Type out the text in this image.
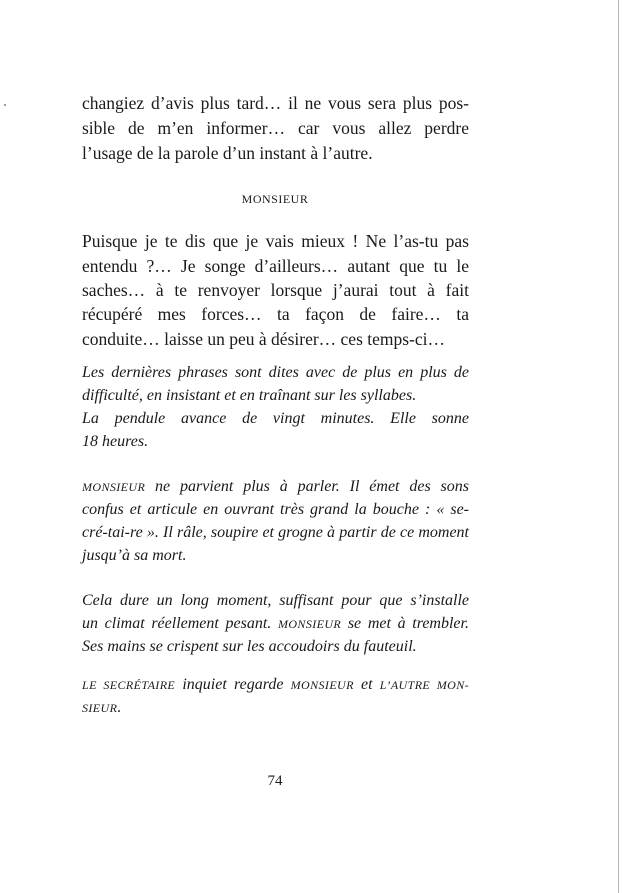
changiez d’avis plus tard… il ne vous sera plus pos-
sible de m’en informer… car vous allez perdre
l’usage de la parole d’un instant à l’autre.
MONSIEUR
Puisque je te dis que je vais mieux ! Ne l’as-tu pas
entendu ?… Je songe d’ailleurs… autant que tu le
saches… à te renvoyer lorsque j’aurai tout à fait
récupéré mes forces… ta façon de faire… ta
conduite… laisse un peu à désirer… ces temps-ci…
Les dernières phrases sont dites avec de plus en plus de
difficulté, en insistant et en traînant sur les syllabes.
La pendule avance de vingt minutes. Elle sonne
18 heures.
MONSIEUR ne parvient plus à parler. Il émet des sons
confus et articule en ouvrant très grand la bouche : « se-
cré-tai-re ». Il râle, soupire et grogne à partir de ce moment
jusqu’à sa mort.
Cela dure un long moment, suffisant pour que s’installe
un climat réellement pesant. MONSIEUR se met à trembler.
Ses mains se crispent sur les accoudoirs du fauteuil.
LE SECRÉTAIRE inquiet regarde MONSIEUR et L’AUTRE MON-
SIEUR.
74
